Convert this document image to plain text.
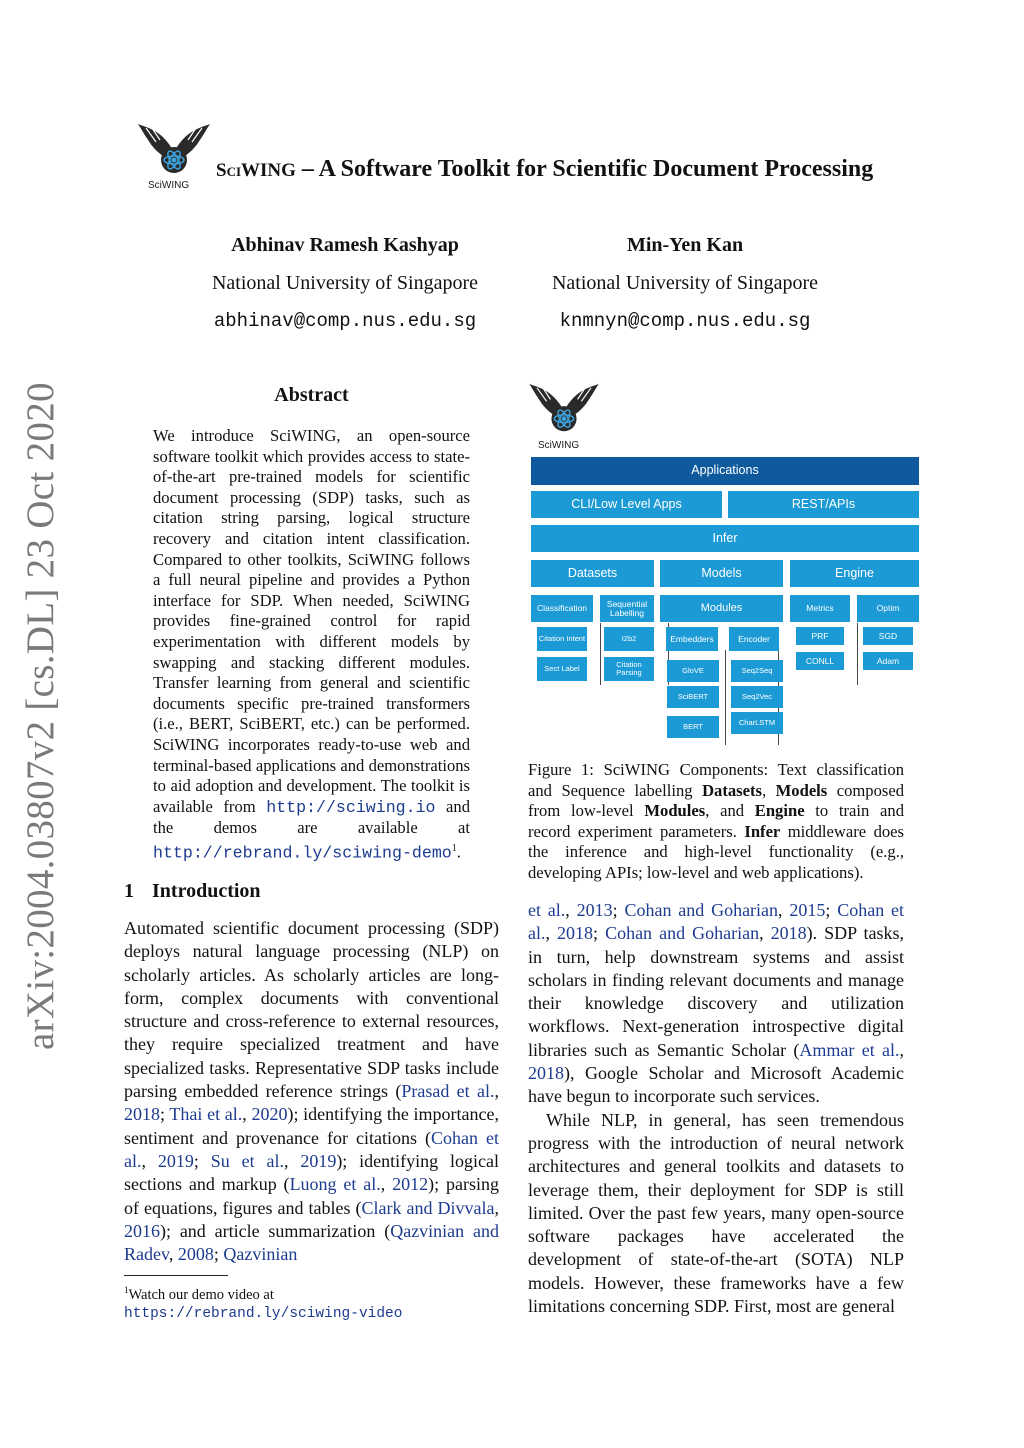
arXiv:2004.03807v2 [cs.DL] 23 Oct 2020
SciWING
SciWING – A Software Toolkit for Scientific Document Processing
Abhinav Ramesh Kashyap
National University of Singapore
abhinav@comp.nus.edu.sg
Min-Yen Kan
National University of Singapore
knmnyn@comp.nus.edu.sg
Abstract
We introduce SciWING, an open-source software toolkit which provides access to state-of-the-art pre-trained models for scientific document processing (SDP) tasks, such as citation string parsing, logical structure recovery and citation intent classification. Compared to other toolkits, SciWING follows a full neural pipeline and provides a Python interface for SDP. When needed, SciWING provides fine-grained control for rapid experimentation with different models by swapping and stacking different modules. Transfer learning from general and scientific documents specific pre-trained transformers (i.e., BERT, SciBERT, etc.) can be performed. SciWING incorporates ready-to-use web and terminal-based applications and demonstrations to aid adoption and development. The toolkit is available from http://sciwing.io and the demos are available at http://rebrand.ly/sciwing-demo$^1$.
1 Introduction
Automated scientific document processing (SDP) deploys natural language processing (NLP) on scholarly articles. As scholarly articles are long-form, complex documents with conventional structure and cross-reference to external resources, they require specialized treatment and have specialized tasks. Representative SDP tasks include parsing embedded reference strings (Prasad et al., 2018; Thai et al., 2020); identifying the importance, sentiment and provenance for citations (Cohan et al., 2019; Su et al., 2019); identifying logical sections and markup (Luong et al., 2012); parsing of equations, figures and tables (Clark and Divvala, 2016); and article summarization (Qazvinian and Radev, 2008; Qazvinian
$^1$Watch our demo video at https://rebrand.ly/sciwing-video
SciWING
Applications
CLI/Low Level Apps	REST/APIs
Infer
Datasets	Models	Engine
Classification	Sequential Labelling	Modules	Metrics	Optim
Citation Intent	I2b2	Embedders	Encoder	PRF	SGD
Sect Label	Citation Parsing	GloVE	Seq2Seq
CONLL	Adam
SciBERT	Seq2Vec
BERT	CharLSTM
Figure 1: SciWING Components: Text classification and Sequence labelling Datasets, Models composed from low-level Modules, and Engine to train and record experiment parameters. Infer middleware does the inference and high-level functionality (e.g., developing APIs; low-level and web applications).

et al., 2013; Cohan and Goharian, 2015; Cohan et al., 2018; Cohan and Goharian, 2018). SDP tasks, in turn, help downstream systems and assist scholars in finding relevant documents and manage their knowledge discovery and utilization workflows. Next-generation introspective digital libraries such as Semantic Scholar (Ammar et al., 2018), Google Scholar and Microsoft Academic have begun to incorporate such services.

While NLP, in general, has seen tremendous progress with the introduction of neural network architectures and general toolkits and datasets to leverage them, their deployment for SDP is still limited. Over the past few years, many open-source software packages have accelerated the development of state-of-the-art (SOTA) NLP models. However, these frameworks have a few limitations concerning SDP. First, most are general
